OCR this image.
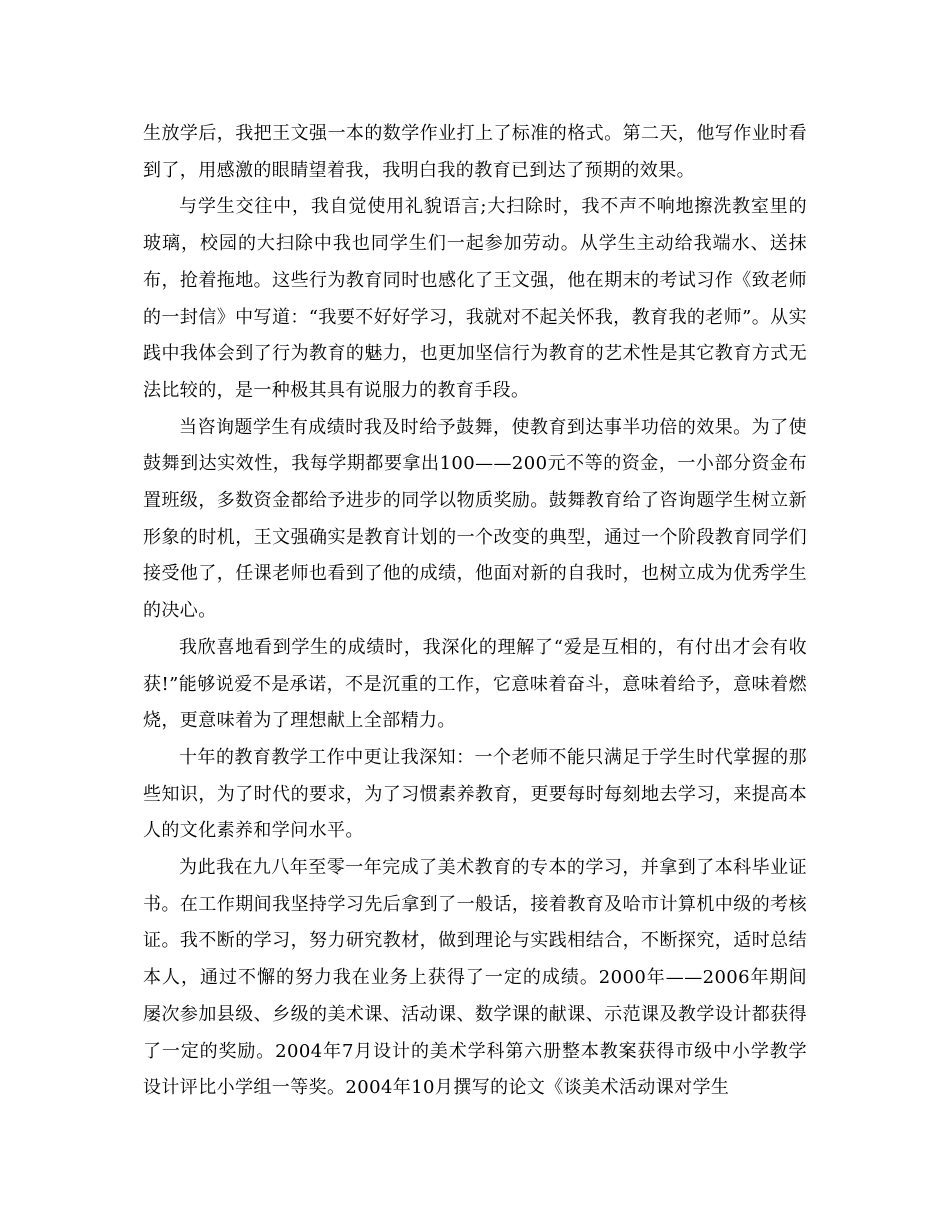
生放学后，我把王文强一本的数学作业打上了标准的格式。第二天，他写作业时看到了，用感激的眼睛望着我，我明白我的教育已到达了预期的效果。

与学生交往中，我自觉使用礼貌语言;大扫除时，我不声不响地擦洗教室里的玻璃，校园的大扫除中我也同学生们一起参加劳动。从学生主动给我端水、送抹布，抢着拖地。这些行为教育同时也感化了王文强，他在期末的考试习作《致老师的一封信》中写道：“我要不好好学习，我就对不起关怀我，教育我的老师”。从实践中我体会到了行为教育的魅力，也更加坚信行为教育的艺术性是其它教育方式无法比较的，是一种极其具有说服力的教育手段。

当咨询题学生有成绩时我及时给予鼓舞，使教育到达事半功倍的效果。为了使鼓舞到达实效性，我每学期都要拿出100——200元不等的资金，一小部分资金布置班级，多数资金都给予进步的同学以物质奖励。鼓舞教育给了咨询题学生树立新形象的时机，王文强确实是教育计划的一个改变的典型，通过一个阶段教育同学们接受他了，任课老师也看到了他的成绩，他面对新的自我时，也树立成为优秀学生的决心。

我欣喜地看到学生的成绩时，我深化的理解了“爱是互相的，有付出才会有收获!”能够说爱不是承诺，不是沉重的工作，它意味着奋斗，意味着给予，意味着燃烧，更意味着为了理想献上全部精力。

十年的教育教学工作中更让我深知：一个老师不能只满足于学生时代掌握的那些知识，为了时代的要求，为了习惯素养教育，更要每时每刻地去学习，来提高本人的文化素养和学问水平。

为此我在九八年至零一年完成了美术教育的专本的学习，并拿到了本科毕业证书。在工作期间我坚持学习先后拿到了一般话，接着教育及哈市计算机中级的考核证。我不断的学习，努力研究教材，做到理论与实践相结合，不断探究，适时总结本人，通过不懈的努力我在业务上获得了一定的成绩。2000年——2006年期间屡次参加县级、乡级的美术课、活动课、数学课的献课、示范课及教学设计都获得了一定的奖励。2004年7月设计的美术学科第六册整本教案获得市级中小学教学设计评比小学组一等奖。2004年10月撰写的论文《谈美术活动课对学生
